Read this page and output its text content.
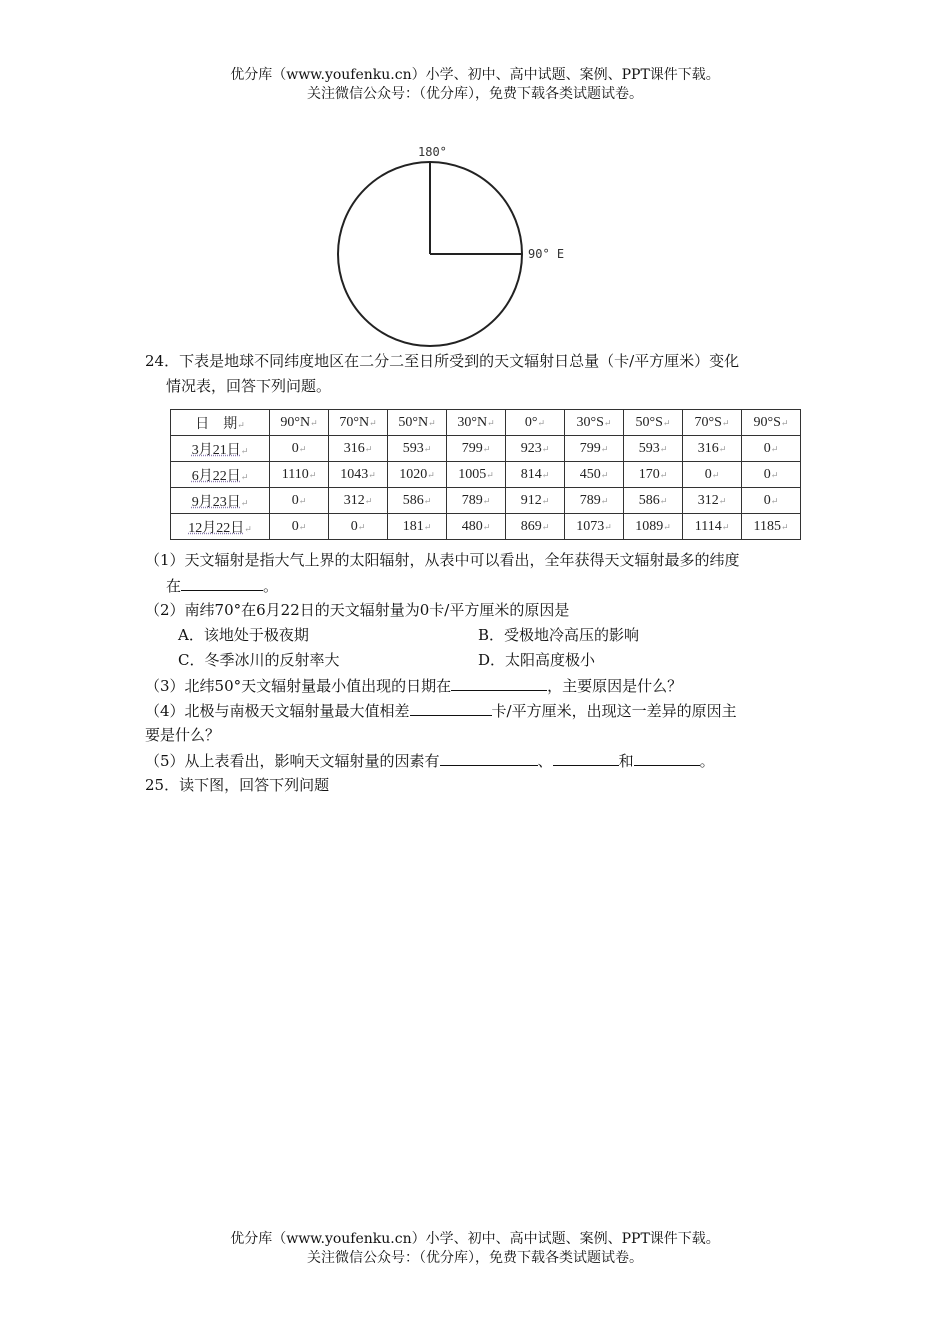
优分库（www.youfenku.cn）小学、初中、高中试题、案例、PPT课件下载。
关注微信公众号：（优分库），免费下载各类试题试卷。
180°
90° E
24．下表是地球不同纬度地区在二分二至日所受到的天文辐射日总量（卡/平方厘米）变化
情况表，回答下列问题。
日    期↵	90°N↵	70°N↵	50°N↵	30°N↵	0°↵	30°S↵	50°S↵	70°S↵	90°S↵
3月21日↵	0↵	316↵	593↵	799↵	923↵	799↵	593↵	316↵	0↵
6月22日↵	1110↵	1043↵	1020↵	1005↵	814↵	450↵	170↵	0↵	0↵
9月23日↵	0↵	312↵	586↵	789↵	912↵	789↵	586↵	312↵	0↵
12月22日↵	0↵	0↵	181↵	480↵	869↵	1073↵	1089↵	1114↵	1185↵
（1）天文辐射是指大气上界的太阳辐射，从表中可以看出，全年获得天文辐射最多的纬度
在	。
（2）南纬70°在6月22日的天文辐射量为0卡/平方厘米的原因是
A．该地处于极夜期	B．受极地冷高压的影响
C．冬季冰川的反射率大	D．太阳高度极小
（3）北纬50°天文辐射量最小值出现的日期在	，主要原因是什么？
（4）北极与南极天文辐射量最大值相差	卡/平方厘米，出现这一差异的原因主
要是什么？
（5）从上表看出，影响天文辐射量的因素有	、	和	。
25．读下图，回答下列问题
优分库（www.youfenku.cn）小学、初中、高中试题、案例、PPT课件下载。
关注微信公众号：（优分库），免费下载各类试题试卷。
